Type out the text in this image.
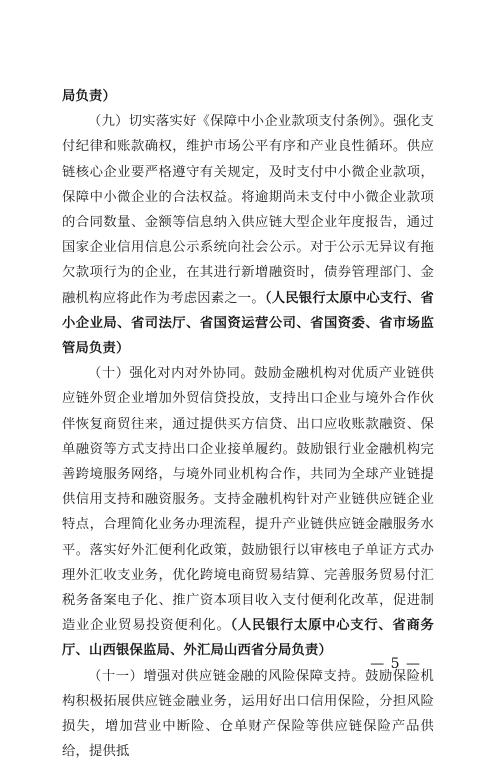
局负责）

（九）切实落实好《保障中小企业款项支付条例》。强化支付纪律和账款确权，维护市场公平有序和产业良性循环。供应链核心企业要严格遵守有关规定，及时支付中小微企业款项，保障中小微企业的合法权益。将逾期尚未支付中小微企业款项的合同数量、金额等信息纳入供应链大型企业年度报告，通过国家企业信用信息公示系统向社会公示。对于公示无异议有拖欠款项行为的企业，在其进行新增融资时，债券管理部门、金融机构应将此作为考虑因素之一。（人民银行太原中心支行、省小企业局、省司法厅、省国资运营公司、省国资委、省市场监管局负责）

（十）强化对内对外协同。鼓励金融机构对优质产业链供应链外贸企业增加外贸信贷投放，支持出口企业与境外合作伙伴恢复商贸往来，通过提供买方信贷、出口应收账款融资、保单融资等方式支持出口企业接单履约。鼓励银行业金融机构完善跨境服务网络，与境外同业机构合作，共同为全球产业链提供信用支持和融资服务。支持金融机构针对产业链供应链企业特点，合理简化业务办理流程，提升产业链供应链金融服务水平。落实好外汇便利化政策，鼓励银行以审核电子单证方式办理外汇收支业务，优化跨境电商贸易结算、完善服务贸易付汇税务备案电子化、推广资本项目收入支付便利化改革，促进制造业企业贸易投资便利化。（人民银行太原中心支行、省商务厅、山西银保监局、外汇局山西省分局负责）

（十一）增强对供应链金融的风险保障支持。鼓励保险机构积极拓展供应链金融业务，运用好出口信用保险，分担风险损失，增加营业中断险、仓单财产保险等供应链保险产品供给，提供抵

— 5 —
